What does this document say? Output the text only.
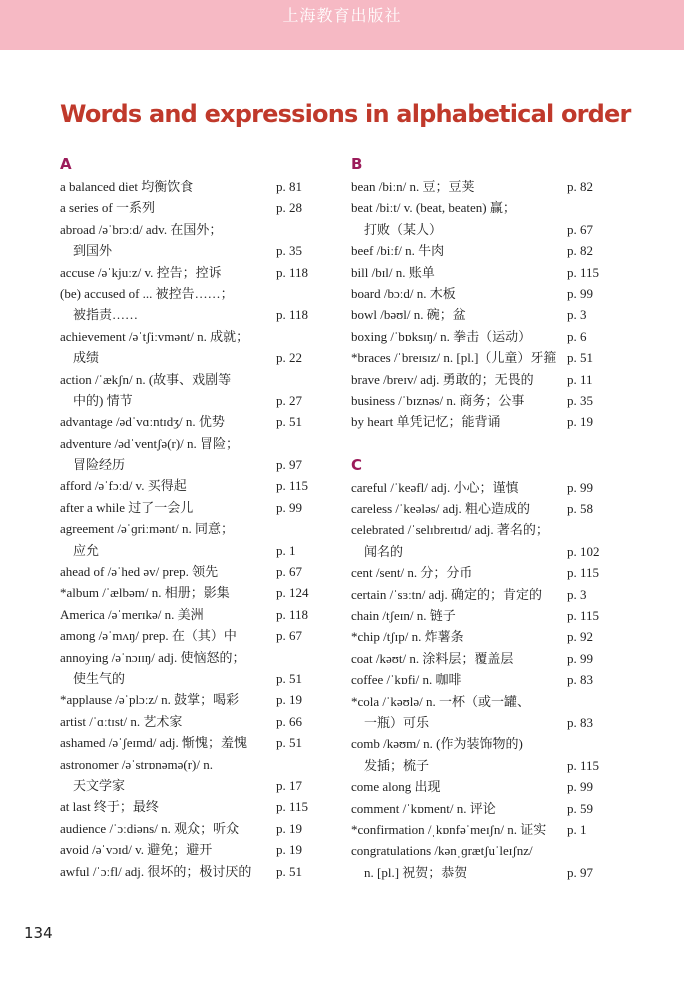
上海教育出版社
Words and expressions in alphabetical order
A
a balanced diet 均衡饮食	p. 81
a series of 一系列	p. 28
abroad /əˈbrɔːd/ adv. 在国外；
到国外	p. 35
accuse /əˈkjuːz/ v. 控告；控诉	p. 118
(be) accused of ... 被控告……；
被指责……	p. 118
achievement /əˈtʃiːvmənt/ n. 成就；
成绩	p. 22
action /ˈækʃn/ n. (故事、戏剧等
中的) 情节	p. 27
advantage /ədˈvɑːntɪdʒ/ n. 优势	p. 51
adventure /ədˈventʃə(r)/ n. 冒险；
冒险经历	p. 97
afford /əˈfɔːd/ v. 买得起	p. 115
after a while 过了一会儿	p. 99
agreement /əˈɡriːmənt/ n. 同意；
应允	p. 1
ahead of /əˈhed əv/ prep. 领先	p. 67
*album /ˈælbəm/ n. 相册；影集	p. 124
America /əˈmerɪkə/ n. 美洲	p. 118
among /əˈmʌŋ/ prep. 在（其）中	p. 67
annoying /əˈnɔɪɪŋ/ adj. 使恼怒的；
使生气的	p. 51
*applause /əˈplɔːz/ n. 鼓掌；喝彩	p. 19
artist /ˈɑːtɪst/ n. 艺术家	p. 66
ashamed /əˈʃeɪmd/ adj. 惭愧；羞愧 p. 51
astronomer /əˈstrɒnəmə(r)/ n.
天文学家	p. 17
at last 终于；最终	p. 115
audience /ˈɔːdiəns/ n. 观众；听众	p. 19
avoid /əˈvɔɪd/ v. 避免；避开	p. 19
awful /ˈɔːfl/ adj. 很坏的；极讨厌的 p. 51
B
bean /biːn/ n. 豆；豆荚	p. 82
beat /biːt/ v. (beat, beaten) 赢；
打败（某人）	p. 67
beef /biːf/ n. 牛肉	p. 82
bill /bɪl/ n. 账单	p. 115
board /bɔːd/ n. 木板	p. 99
bowl /bəʊl/ n. 碗；盆	p. 3
boxing /ˈbɒksɪŋ/ n. 拳击（运动）	p. 6
*braces /ˈbreɪsɪz/ n. [pl.]（儿童）牙箍 p. 51
brave /breɪv/ adj. 勇敢的；无畏的	p. 11
business /ˈbɪznəs/ n. 商务；公事	p. 35
by heart 单凭记忆；能背诵	p. 19
C
careful /ˈkeəfl/ adj. 小心；谨慎	p. 99
careless /ˈkeələs/ adj. 粗心造成的	p. 58
celebrated /ˈselɪbreɪtɪd/ adj. 著名的；
闻名的	p. 102
cent /sent/ n. 分；分币	p. 115
certain /ˈsɜːtn/ adj. 确定的；肯定的 p. 3
chain /tʃeɪn/ n. 链子	p. 115
*chip /tʃɪp/ n. 炸薯条	p. 92
coat /kəʊt/ n. 涂料层；覆盖层	p. 99
coffee /ˈkɒfi/ n. 咖啡	p. 83
*cola /ˈkəʊlə/ n. 一杯（或一罐、
一瓶）可乐	p. 83
comb /kəʊm/ n. (作为装饰物的)
发插；梳子	p. 115
come along 出现	p. 99
comment /ˈkɒment/ n. 评论	p. 59
*confirmation /ˌkɒnfəˈmeɪʃn/ n. 证实 p. 1
congratulations /kənˌɡrætʃuˈleɪʃnz/
n. [pl.] 祝贺；恭贺	p. 97
134
